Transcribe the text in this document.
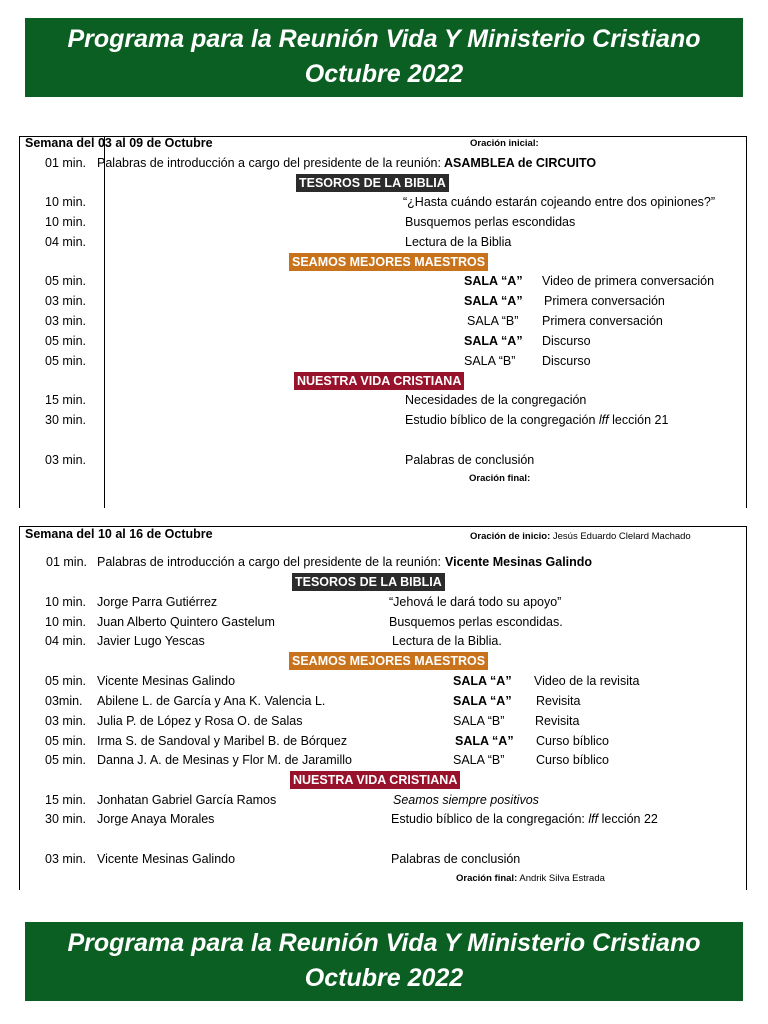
Programa para la Reunión Vida Y Ministerio Cristiano
Octubre 2022
Semana del 03 al 09 de Octubre	Oración inicial:
01 min. Palabras de introducción a cargo del presidente de la reunión: ASAMBLEA de CIRCUITO
TESOROS DE LA BIBLIA
10 min.	“¿Hasta cuándo estarán cojeando entre dos opiniones?”
10 min.	Busquemos perlas escondidas
04 min.	Lectura de la Biblia
SEAMOS MEJORES MAESTROS
05 min.	SALA “A” Video de primera conversación
03 min.	SALA “A” Primera conversación
03 min.	SALA “B” Primera conversación
05 min.	SALA “A” Discurso
05 min.	SALA “B” Discurso
NUESTRA VIDA CRISTIANA
15 min.	Necesidades de la congregación
30 min.	Estudio bíblico de la congregación lff lección 21
03 min.	Palabras de conclusión
Oración final:
Semana del 10 al 16 de Octubre	Oración de inicio: Jesús Eduardo Clelard Machado
01 min. Palabras de introducción a cargo del presidente de la reunión: Vicente Mesinas Galindo
TESOROS DE LA BIBLIA
10 min. Jorge Parra Gutiérrez	“Jehová le dará todo su apoyo”
10 min. Juan Alberto Quintero Gastelum	Busquemos perlas escondidas.
04 min. Javier Lugo Yescas	Lectura de la Biblia.
SEAMOS MEJORES MAESTROS
05 min. Vicente Mesinas Galindo	SALA “A” Video de la revisita
03min. Abilene L. de García y Ana K. Valencia L.	SALA “A” Revisita
03 min. Julia P. de López y Rosa O. de Salas	SALA “B” Revisita
05 min. Irma S. de Sandoval y Maribel B. de Bórquez	SALA “A” Curso bíblico
05 min. Danna J. A. de Mesinas y Flor M. de Jaramillo	SALA “B”	Curso bíblico
NUESTRA VIDA CRISTIANA
15 min. Jonhatan Gabriel García Ramos	Seamos siempre positivos
30 min. Jorge Anaya Morales	Estudio bíblico de la congregación: lff lección 22
03 min. Vicente Mesinas Galindo	Palabras de conclusión
Oración final: Andrik Silva Estrada
Programa para la Reunión Vida Y Ministerio Cristiano
Octubre 2022
